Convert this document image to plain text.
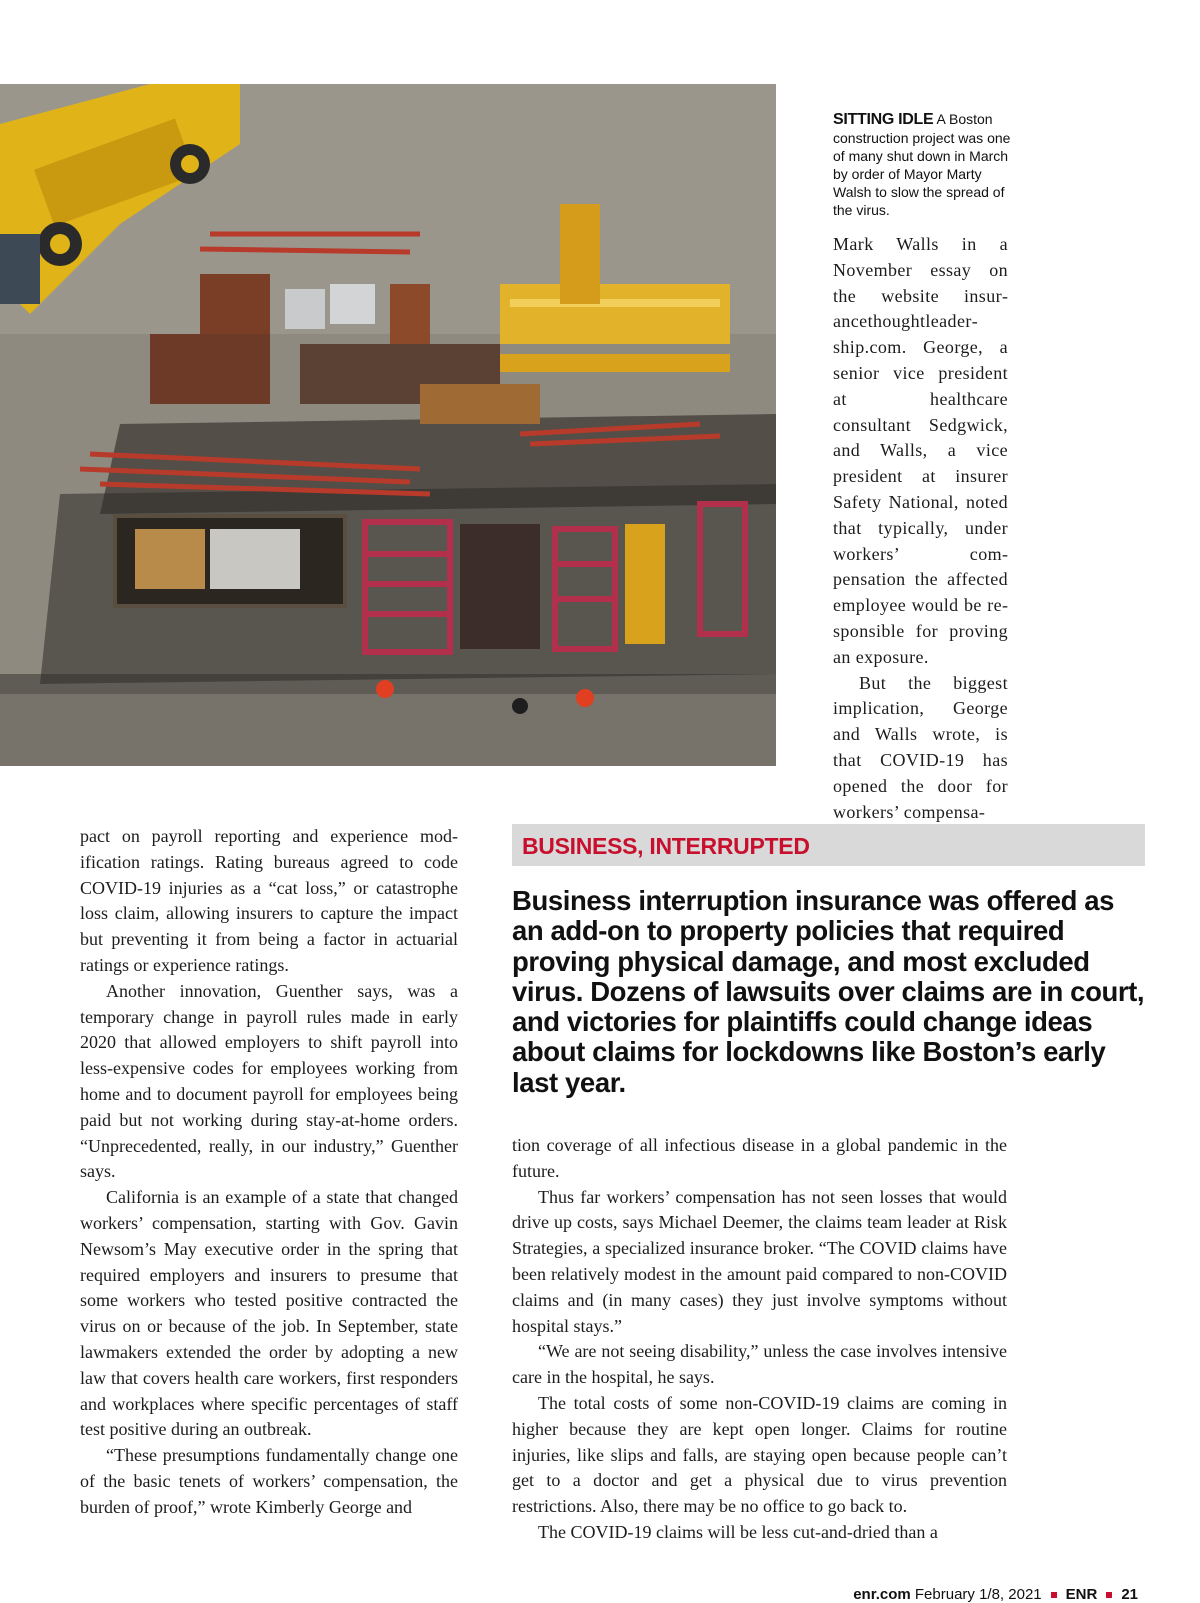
SITTING IDLE A Boston construction project was one of many shut down in March by order of Mayor Marty Walsh to slow the spread of the virus.

Mark Walls in a November essay on the website insurancethoughtleadership.com. George, a senior vice president at healthcare consultant Sedgwick, and Walls, a vice president at insurer Safety National, noted that typically, under workers’ compensation the affected employee would be responsible for proving an exposure.

But the biggest implication, George and Walls wrote, is that COVID-19 has opened the door for workers’ compensa-

pact on payroll reporting and experience modification ratings. Rating bureaus agreed to code COVID-19 injuries as a “cat loss,” or catastrophe loss claim, allowing insurers to capture the impact but preventing it from being a factor in actuarial ratings or experience ratings.

Another innovation, Guenther says, was a temporary change in payroll rules made in early 2020 that allowed employers to shift payroll into less-expensive codes for employees working from home and to document payroll for employees being paid but not working during stay-at-home orders. “Unprecedented, really, in our industry,” Guenther says.

California is an example of a state that changed workers’ compensation, starting with Gov. Gavin Newsom’s May executive order in the spring that required employers and insurers to presume that some workers who tested positive contracted the virus on or because of the job. In September, state lawmakers extended the order by adopting a new law that covers health care workers, first responders and workplaces where specific percentages of staff test positive during an outbreak.

“These presumptions fundamentally change one of the basic tenets of workers’ compensation, the burden of proof,” wrote Kimberly George and

BUSINESS, INTERRUPTED
Business interruption insurance was offered as an add-on to property policies that required proving physical damage, and most excluded virus. Dozens of lawsuits over claims are in court, and victories for plaintiffs could change ideas about claims for lockdowns like Boston’s early last year.

tion coverage of all infectious disease in a global pandemic in the future.

Thus far workers’ compensation has not seen losses that would drive up costs, says Michael Deemer, the claims team leader at Risk Strategies, a specialized insurance broker. “The COVID claims have been relatively modest in the amount paid compared to non-COVID claims and (in many cases) they just involve symptoms without hospital stays.”

“We are not seeing disability,” unless the case involves intensive care in the hospital, he says.

The total costs of some non-COVID-19 claims are coming in higher because they are kept open longer. Claims for routine injuries, like slips and falls, are staying open because people can’t get to a doctor and get a physical due to virus prevention restrictions. Also, there may be no office to go back to.

The COVID-19 claims will be less cut-and-dried than a

enr.com February 1/8, 2021 ENR 21
